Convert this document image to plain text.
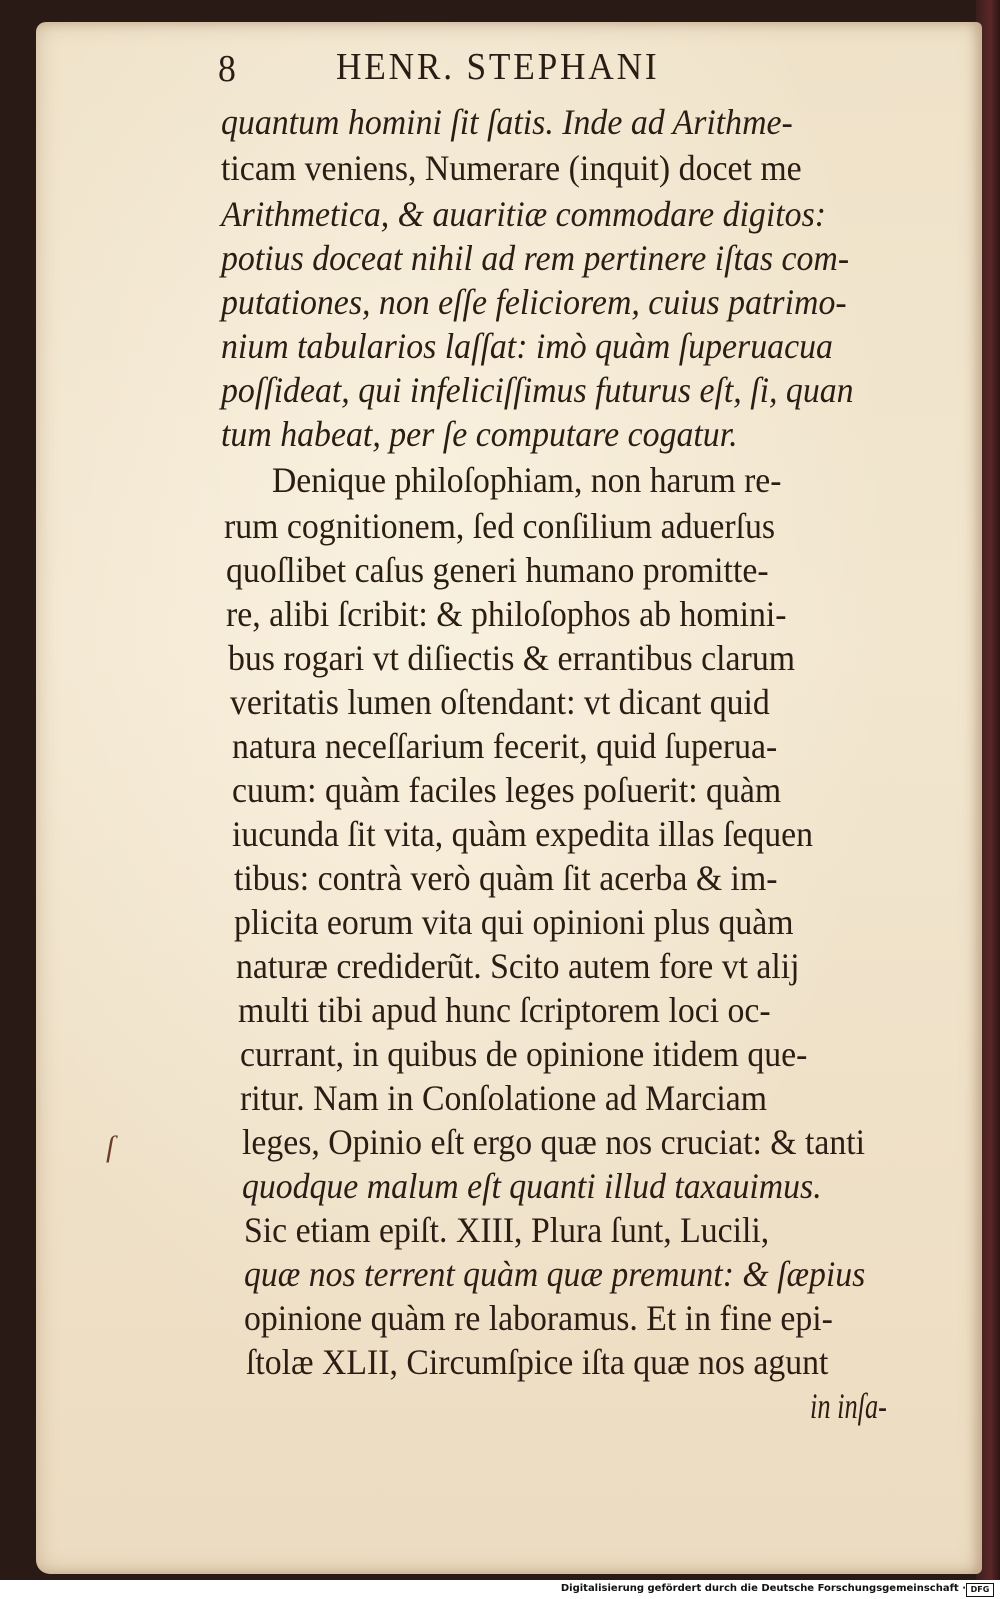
8	HENR. STEPHANI
quantum homini ſit ſatis. Inde ad Arithme-
ticam veniens, Numerare (inquit) docet me
Arithmetica, & auaritiæ commodare digitos:
potius doceat nihil ad rem pertinere iſtas com-
putationes, non eſſe feliciorem, cuius patrimo-
nium tabularios laſſat: imò quàm ſuperuacua
poſſideat, qui infeliciſſimus futurus eſt, ſi, quan
tum habeat, per ſe computare cogatur.
Denique philoſophiam, non harum re-
rum cognitionem, ſed conſilium aduerſus
quoſlibet caſus generi humano promitte-
re, alibi ſcribit: & philoſophos ab homini-
bus rogari vt diſiectis & errantibus clarum
veritatis lumen oſtendant: vt dicant quid
natura neceſſarium fecerit, quid ſuperua-
cuum: quàm faciles leges poſuerit: quàm
iucunda ſit vita, quàm expedita illas ſequen
tibus: contrà verò quàm ſit acerba & im-
plicita eorum vita qui opinioni plus quàm
naturæ crediderũt. Scito autem fore vt alij
multi tibi apud hunc ſcriptorem loci oc-
currant, in quibus de opinione itidem que-
ritur. Nam in Conſolatione ad Marciam
leges, Opinio eſt ergo quæ nos cruciat: & tanti
quodque malum eſt quanti illud taxauimus.
Sic etiam epiſt. XIII, Plura ſunt, Lucili,
quæ nos terrent quàm quæ premunt: & ſæpius
opinione quàm re laboramus. Et in fine epi-
ſtolæ XLII, Circumſpice iſta quæ nos agunt
in inſa-
ſ
Digitalisierung gefördert durch die Deutsche Forschungsgemeinschaft · DFG
